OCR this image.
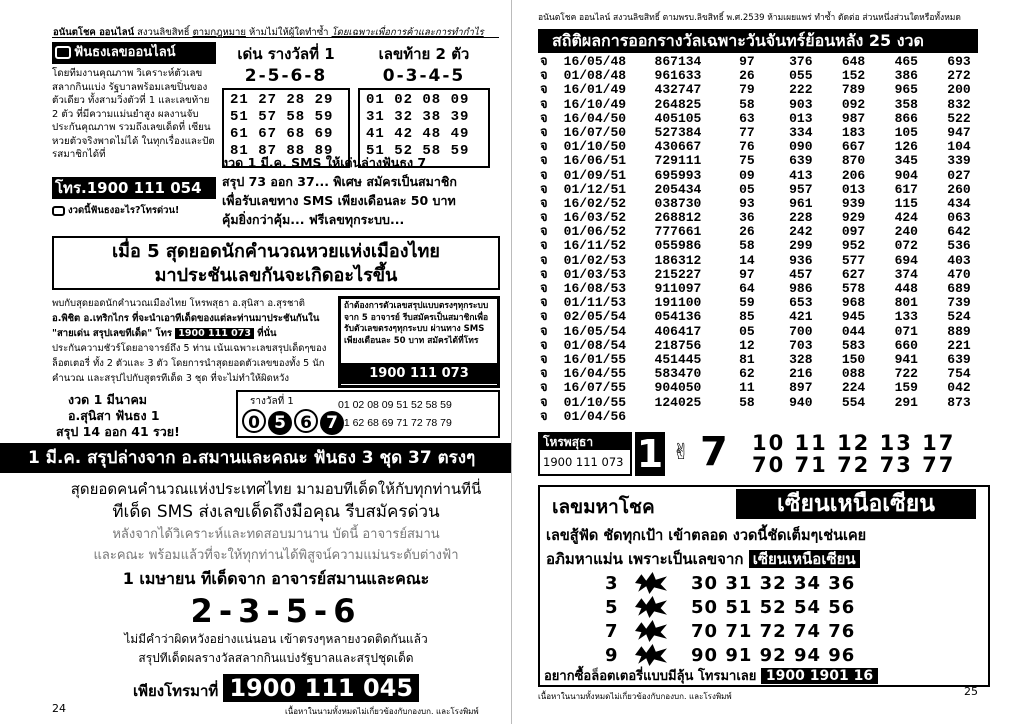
อนันตโชค ออนไลน์ สงวนลิขสิทธิ์ ตามกฎหมาย ห้ามไม่ให้ผู้ใดทำซ้ำ โดยเฉพาะเพื่อการค้าและการทำกำไร
ฟันธงเลขออนไลน์
โดยทีมงานคุณภาพ วิเคราะห์ตัวเลขสลากกินแบ่ง รัฐบาลพร้อมเลขปิ่นของตัวเดียว ทั้งสามวิ่งตัวที่ 1 และเลขท้าย 2 ตัว ที่มีความแม่นยำสูง ผลงานจับ ประกันคุณภาพ รวมถึงเลขเด็ดที่ เซียนหวยตัวจริงพาดไม่ได้ ในทุกเรื่องและปัตรสมาชิกได้ที่
โทร.1900 111 054
งวดนี้ฟันธงอะไร?โทรด่วน!
เด่น รางวัลที่ 1
2-5-6-8
21 27 28 29
51 57 58 59
61 67 68 69
81 87 88 89
เลขท้าย 2 ตัว
0-3-4-5
01 02 08 09
31 32 38 39
41 42 48 49
51 52 58 59
งวด 1 มี.ค. SMS ให้เด่นล่างฟันธง 7
สรุป 73 ออก 37... พิเศษ สมัครเป็นสมาชิก
เพื่อรับเลขทาง SMS เพียงเดือนละ 50 บาท
คุ้มยิ่งกว่าคุ้ม... ฟรีเลขทุกระบบ...
เมื่อ 5 สุดยอดนักคำนวณหวยแห่งเมืองไทย
มาประชันเลขกันจะเกิดอะไรขึ้น
พบกับสุดยอดนักคำนวณเมืองไทย โหรพสุธา อ.สุนิสา อ.สุรชาติ
อ.พิชิต อ.เทริกไกร ที่จะนำเอาทีเด็ดของแต่ละท่านมาประชันกันใน
"สายเด่น สรุปเลขทีเด็ด" โทร 1900 111 073 ที่นั่น
ประกันความชัวร์โดยอาจารย์ถึง 5 ท่าน เน้นเฉพาะเลขสรุปเด็ดๆของ
ล็อตเตอรี่ ทั้ง 2 ตัวและ 3 ตัว โดยการนำสุดยอดตัวเลขของทั้ง 5 นัก
คำนวณ และสรุปไปกับสูตรทีเด็ด 3 ชุด ที่จะไม่ทำให้ผิดหวัง
ถ้าต้องการตัวเลขสรุปแบบตรงๆทุกระบบ จาก 5 อาจารย์ รีบสมัครเป็นสมาชิกเพื่อรับตัวเลขตรงๆทุกระบบ ผ่านทาง SMS เพียงเดือนละ 50 บาท สมัครได้ที่โทร
1900 111 073
งวด 1 มีนาคม
อ.สุนิสา ฟันธง 1
สรุป 14 ออก 41 รวย!
รางวัลที่ 1
0 5 6 7
01 02 08 09 51 52 58 59
61 62 68 69 71 72 78 79
1 มี.ค. สรุปล่างจาก อ.สมานและคณะ ฟันธง 3 ชุด 37 ตรงๆ
สุดยอดคนคำนวณแห่งประเทศไทย มามอบทีเด็ดให้กับทุกท่านทีนี่
ทีเด็ด SMS ส่งเลขเด็ดถึงมือคุณ รีบสมัครด่วน
หลังจากได้วิเคราะห์และทดสอบมานาน บัดนี้ อาจารย์สมาน
และคณะ พร้อมแล้วที่จะให้ทุกท่านได้พิสูจน์ความแม่นระดับต่างฟ้า
1 เมษายน ทีเด็ดจาก อาจารย์สมานและคณะ
2-3-5-6
ไม่มีคำว่าผิดหวังอย่างแน่นอน เข้าตรงๆหลายงวดติดกันแล้ว
สรุปทีเด็ดผลรางวัลสลากกินแบ่งรัฐบาลและสรุปชุดเด็ด
เพียงโทรมาที่ 1900 111 045
24	เนื้อหาในนามทั้งหมดไม่เกี่ยวข้องกับกองบก. และโรงพิมพ์
อนันตโชค ออนไลน์ สงวนลิขสิทธิ์ ตามพรบ.ลิขสิทธิ์ พ.ศ.2539 ห้ามเผยแพร่ ทำซ้ำ ดัดต่อ ส่วนหนึ่งส่วนใดหรือทั้งหมด
สถิติผลการออกรางวัลเฉพาะวันจันทร์ย้อนหลัง 25 งวด
จ	16/05/48	867134	97	376	648	465	693
จ	01/08/48	961633	26	055	152	386	272
จ	16/01/49	432747	79	222	789	965	200
จ	16/10/49	264825	58	903	092	358	832
จ	16/04/50	405105	63	013	987	866	522
จ	16/07/50	527384	77	334	183	105	947
จ	01/10/50	430667	76	090	667	126	104
จ	16/06/51	729111	75	639	870	345	339
จ	01/09/51	695993	09	413	206	904	027
จ	01/12/51	205434	05	957	013	617	260
จ	16/02/52	038730	93	961	939	115	434
จ	16/03/52	268812	36	228	929	424	063
จ	01/06/52	777661	26	242	097	240	642
จ	16/11/52	055986	58	299	952	072	536
จ	01/02/53	186312	14	936	577	694	403
จ	01/03/53	215227	97	457	627	374	470
จ	16/08/53	911097	64	986	578	448	689
จ	01/11/53	191100	59	653	968	801	739
จ	02/05/54	054136	85	421	945	133	524
จ	16/05/54	406417	05	700	044	071	889
จ	01/08/54	218756	12	703	583	660	221
จ	16/01/55	451445	81	328	150	941	639
จ	16/04/55	583470	62	216	088	722	754
จ	16/07/55	904050	11	897	224	159	042
จ	01/10/55	124025	58	940	554	291	873
จ	01/04/56
โหรพสุธา
1900 111 073 1 ✌ 7 10 11 12 13 17
70 71 72 73 77
เลขมหาโชค	เซียนเหนือเซียน
เลขสู้ฟัด ชัดทุกเป้า เข้าตลอด งวดนี้ชัดเต็มๆเช่นเคย
อภิมหาแม่น เพราะเป็นเลขจาก เซียนเหนือเซียน
3	30 31 32 34 36
5	50 51 52 54 56
7	70 71 72 74 76
9	90 91 92 94 96
อยากซื้อล็อตเตอรี่แบบมีลุ้น โทรมาเลย 1900 1901 16
เนื้อหาในนามทั้งหมดไม่เกี่ยวข้องกับกองบก. และโรงพิมพ์	25
